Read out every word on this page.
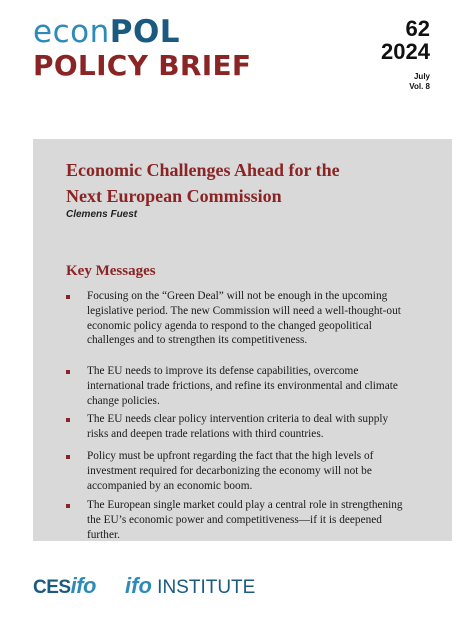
econPOL
POLICY BRIEF
62
2024
July
Vol. 8
Economic Challenges Ahead for the
Next European Commission
Clemens Fuest
Key Messages
Focusing on the “Green Deal” will not be enough in the upcoming legislative period. The new Commission will need a well-thought-out economic policy agenda to respond to the changed geopolitical challenges and to strengthen its competitiveness.
The EU needs to improve its defense capabilities, overcome international trade frictions, and refine its environmental and climate change policies.
The EU needs clear policy intervention criteria to deal with supply risks and deepen trade relations with third countries.
Policy must be upfront regarding the fact that the high levels of investment required for decarbonizing the economy will not be accompanied by an economic boom.
The European single market could play a central role in strengthening the EU’s economic power and competitiveness—if it is deepened further.
CESifo ifo INSTITUTE
